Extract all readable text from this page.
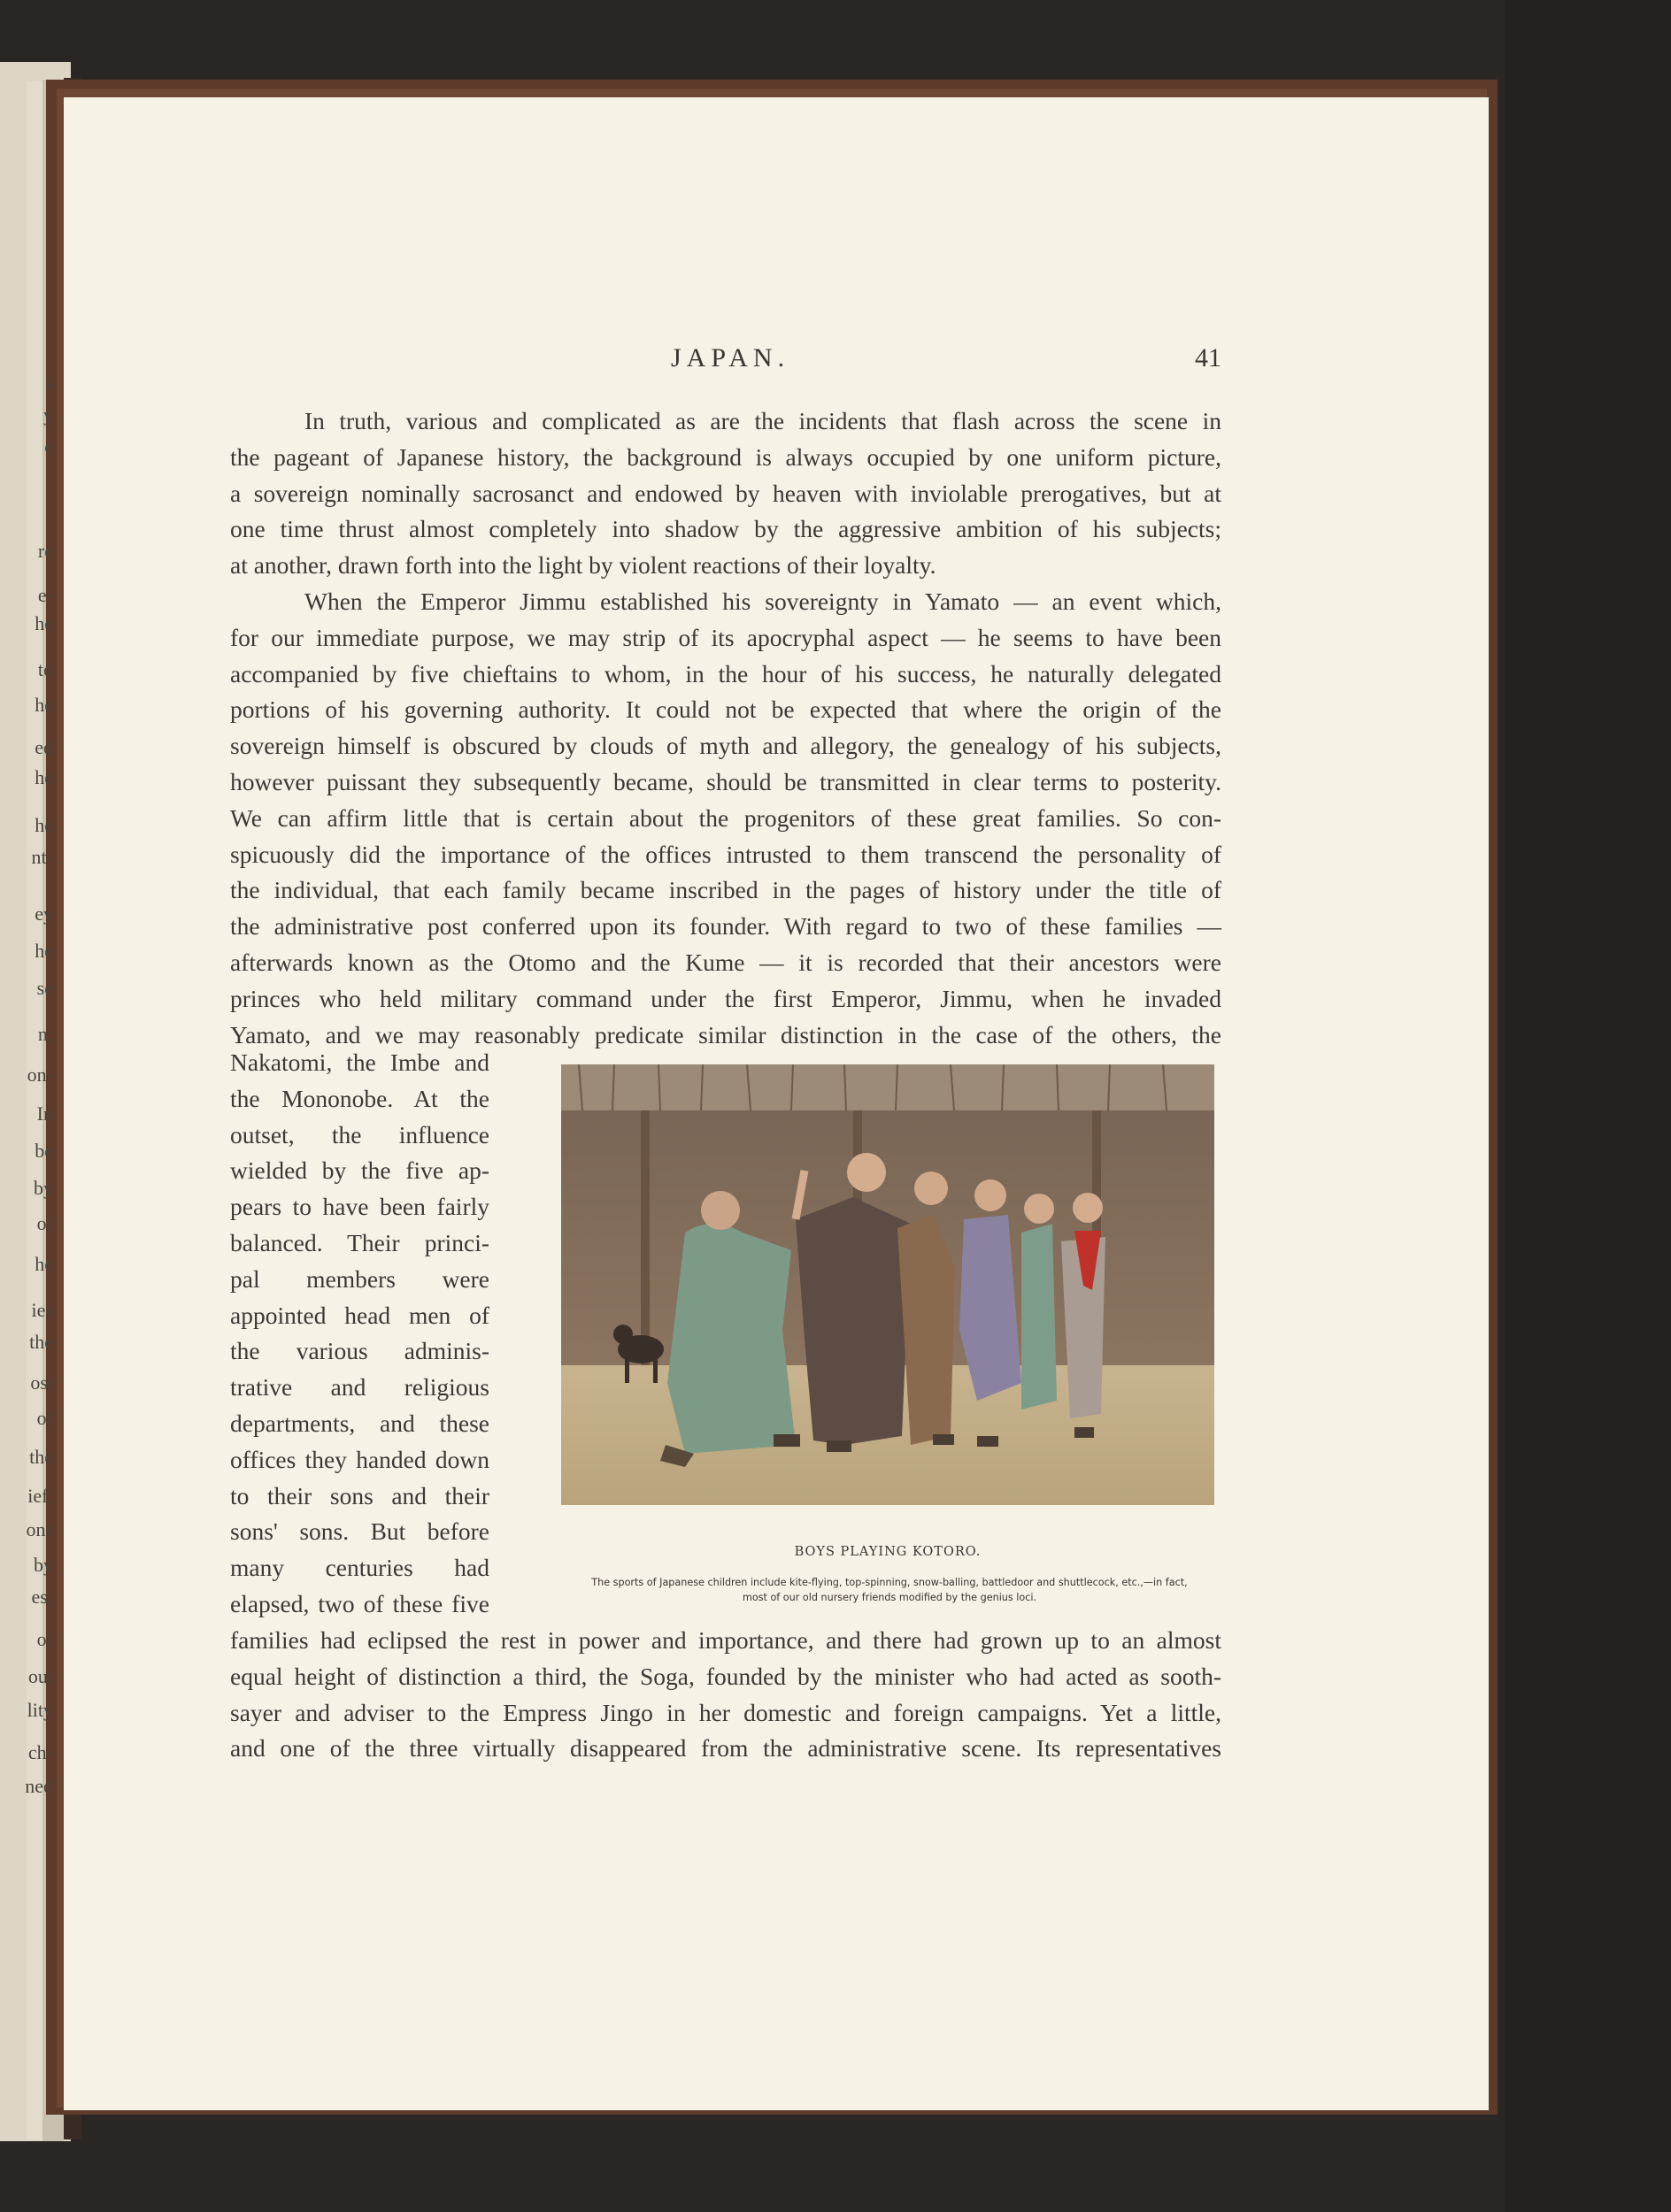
s
y
e
re
e-
he
to
he
ed
he
he
nt-
ey
he
se
n;
on-
In
be
by
of
he
ies
the
ost
of
the
ief,
ons
by
es;
of
out
lity
ch-
ned
JAPAN.	41

In truth, various and complicated as are the incidents that flash across the scene in

the pageant of Japanese history, the background is always occupied by one uniform picture,

a sovereign nominally sacrosanct and endowed by heaven with inviolable prerogatives, but at

one time thrust almost completely into shadow by the aggressive ambition of his subjects;

at another, drawn forth into the light by violent reactions of their loyalty.

When the Emperor Jimmu established his sovereignty in Yamato — an event which,

for our immediate purpose, we may strip of its apocryphal aspect — he seems to have been

accompanied by five chieftains to whom, in the hour of his success, he naturally delegated

portions of his governing authority. It could not be expected that where the origin of the

sovereign himself is obscured by clouds of myth and allegory, the genealogy of his subjects,

however puissant they subsequently became, should be transmitted in clear terms to posterity.

We can affirm little that is certain about the progenitors of these great families. So con-

spicuously did the importance of the offices intrusted to them transcend the personality of

the individual, that each family became inscribed in the pages of history under the title of

the administrative post conferred upon its founder. With regard to two of these families —

afterwards known as the Otomo and the Kume — it is recorded that their ancestors were

princes who held military command under the first Emperor, Jimmu, when he invaded

Yamato, and we may reasonably predicate similar distinction in the case of the others, the

Nakatomi, the Imbe and

the Mononobe. At the

outset, the influence

wielded by the five ap-

pears to have been fairly

balanced. Their princi-

pal members were

appointed head men of

the various adminis-

trative and religious

departments, and these

offices they handed down

to their sons and their

sons' sons. But before

many centuries had

elapsed, two of these five

families had eclipsed the rest in power and importance, and there had grown up to an almost

equal height of distinction a third, the Soga, founded by the minister who had acted as sooth-

sayer and adviser to the Empress Jingo in her domestic and foreign campaigns. Yet a little,

and one of the three virtually disappeared from the administrative scene. Its representatives

BOYS PLAYING KOTORO.
The sports of Japanese children include kite-flying, top-spinning, snow-balling, battledoor and shuttlecock, etc.,—in fact,
most of our old nursery friends modified by the genius loci.
